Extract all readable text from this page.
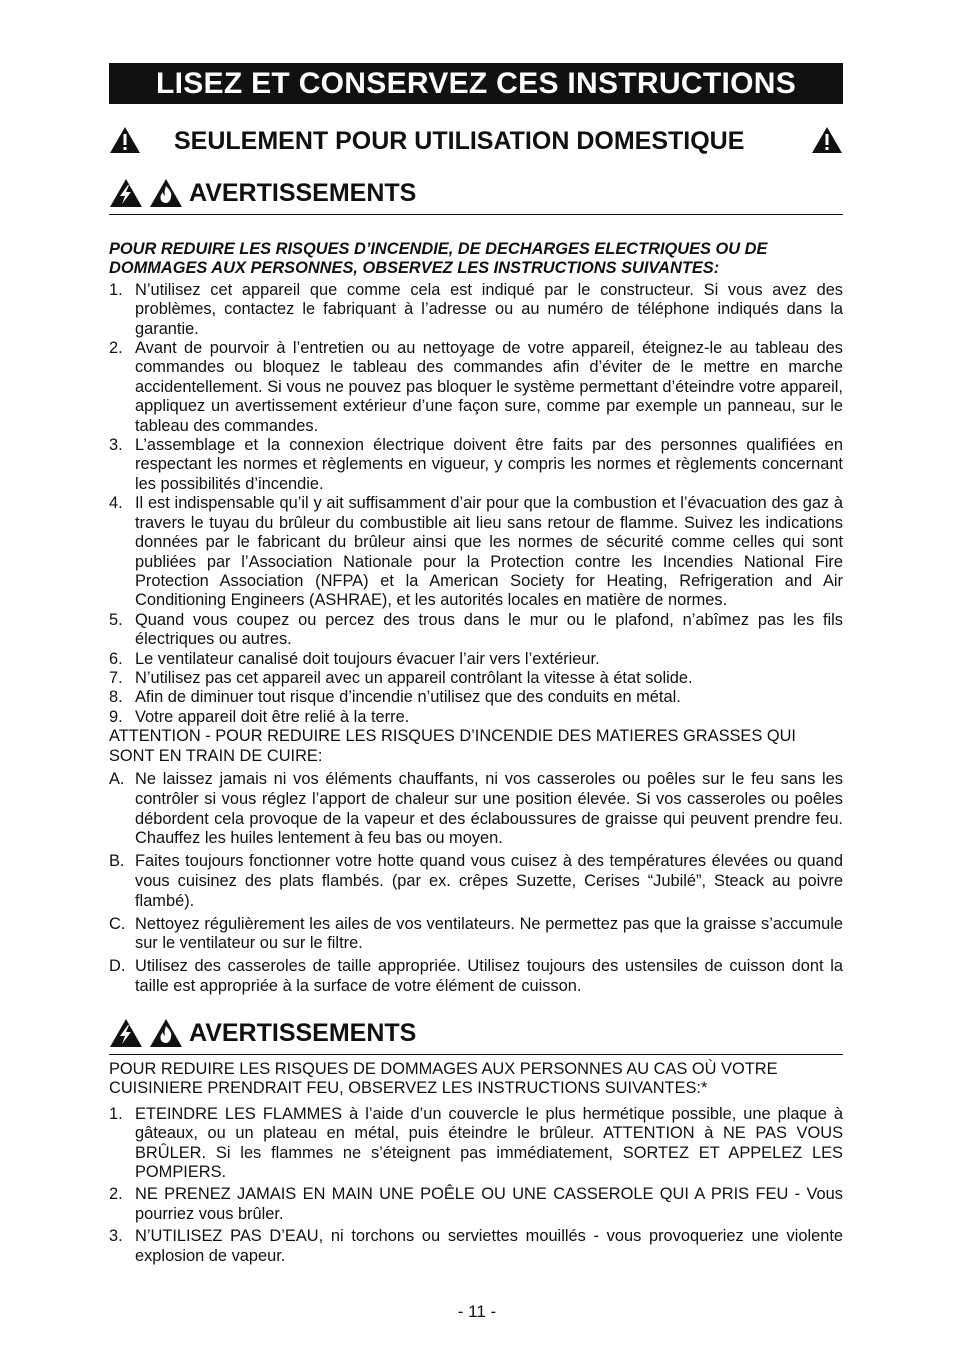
LISEZ ET CONSERVEZ CES INSTRUCTIONS
SEULEMENT POUR UTILISATION DOMESTIQUE

AVERTISSEMENTS

POUR REDUIRE LES RISQUES D’INCENDIE, DE DECHARGES ELECTRIQUES OU DE DOMMAGES AUX PERSONNES, OBSERVEZ LES INSTRUCTIONS SUIVANTES:

1. N’utilisez cet appareil que comme cela est indiqué par le constructeur. Si vous avez des problèmes, contactez le fabriquant à l’adresse ou au numéro de téléphone indiqués dans la garantie.
2. Avant de pourvoir à l’entretien ou au nettoyage de votre appareil, éteignez-le au tableau des commandes ou bloquez le tableau des commandes afin d’éviter de le mettre en marche accidentellement. Si vous ne pouvez pas bloquer le système permettant d’éteindre votre appareil, appliquez un avertissement extérieur d’une façon sure, comme par exemple un panneau, sur le tableau des commandes.
3. L’assemblage et la connexion électrique doivent être faits par des personnes qualifiées en respectant les normes et règlements en vigueur, y compris les normes et règlements concernant les possibilités d’incendie.
4. Il est indispensable qu’il y ait suffisamment d’air pour que la combustion et l’évacuation des gaz à travers le tuyau du brûleur du combustible ait lieu sans retour de flamme. Suivez les indications données par le fabricant du brûleur ainsi que les normes de sécurité comme celles qui sont publiées par l’Association Nationale pour la Protection contre les Incendies National Fire Protection Association (NFPA) et la American Society for Heating, Refrigeration and Air Conditioning Engineers (ASHRAE), et les autorités locales en matière de normes.
5. Quand vous coupez ou percez des trous dans le mur ou le plafond, n’abîmez pas les fils électriques ou autres.
6. Le ventilateur canalisé doit toujours évacuer l’air vers l’extérieur.
7. N’utilisez pas cet appareil avec un appareil contrôlant la vitesse à état solide.
8. Afin de diminuer tout risque d’incendie n’utilisez que des conduits en métal.
9. Votre appareil doit être relié à la terre.

ATTENTION - POUR REDUIRE LES RISQUES D’INCENDIE DES MATIERES GRASSES QUI SONT EN TRAIN DE CUIRE:

A. Ne laissez jamais ni vos éléments chauffants, ni vos casseroles ou poêles sur le feu sans les contrôler si vous réglez l’apport de chaleur sur une position élevée. Si vos casseroles ou poêles débordent cela provoque de la vapeur et des éclaboussures de graisse qui peuvent prendre feu. Chauffez les huiles lentement à feu bas ou moyen.
B. Faites toujours fonctionner votre hotte quand vous cuisez à des températures élevées ou quand vous cuisinez des plats flambés. (par ex. crêpes Suzette, Cerises “Jubilé”, Steack au poivre flambé).
C. Nettoyez régulièrement les ailes de vos ventilateurs. Ne permettez pas que la graisse s’accumule sur le ventilateur ou sur le filtre.
D. Utilisez des casseroles de taille appropriée. Utilisez toujours des ustensiles de cuisson dont la taille est appropriée à la surface de votre élément de cuisson.

AVERTISSEMENTS

POUR REDUIRE LES RISQUES DE DOMMAGES AUX PERSONNES AU CAS OÙ VOTRE CUISINIERE PRENDRAIT FEU, OBSERVEZ LES INSTRUCTIONS SUIVANTES:*

1. ETEINDRE LES FLAMMES à l’aide d’un couvercle le plus hermétique possible, une plaque à gâteaux, ou un plateau en métal, puis éteindre le brûleur. ATTENTION à NE PAS VOUS BRÛLER. Si les flammes ne s’éteignent pas immédiatement, SORTEZ ET APPELEZ LES POMPIERS.
2. NE PRENEZ JAMAIS EN MAIN UNE POÊLE OU UNE CASSEROLE QUI A PRIS FEU - Vous pourriez vous brûler.
3. N’UTILISEZ PAS D’EAU, ni torchons ou serviettes mouillés - vous provoqueriez une violente explosion de vapeur.
- 11 -
